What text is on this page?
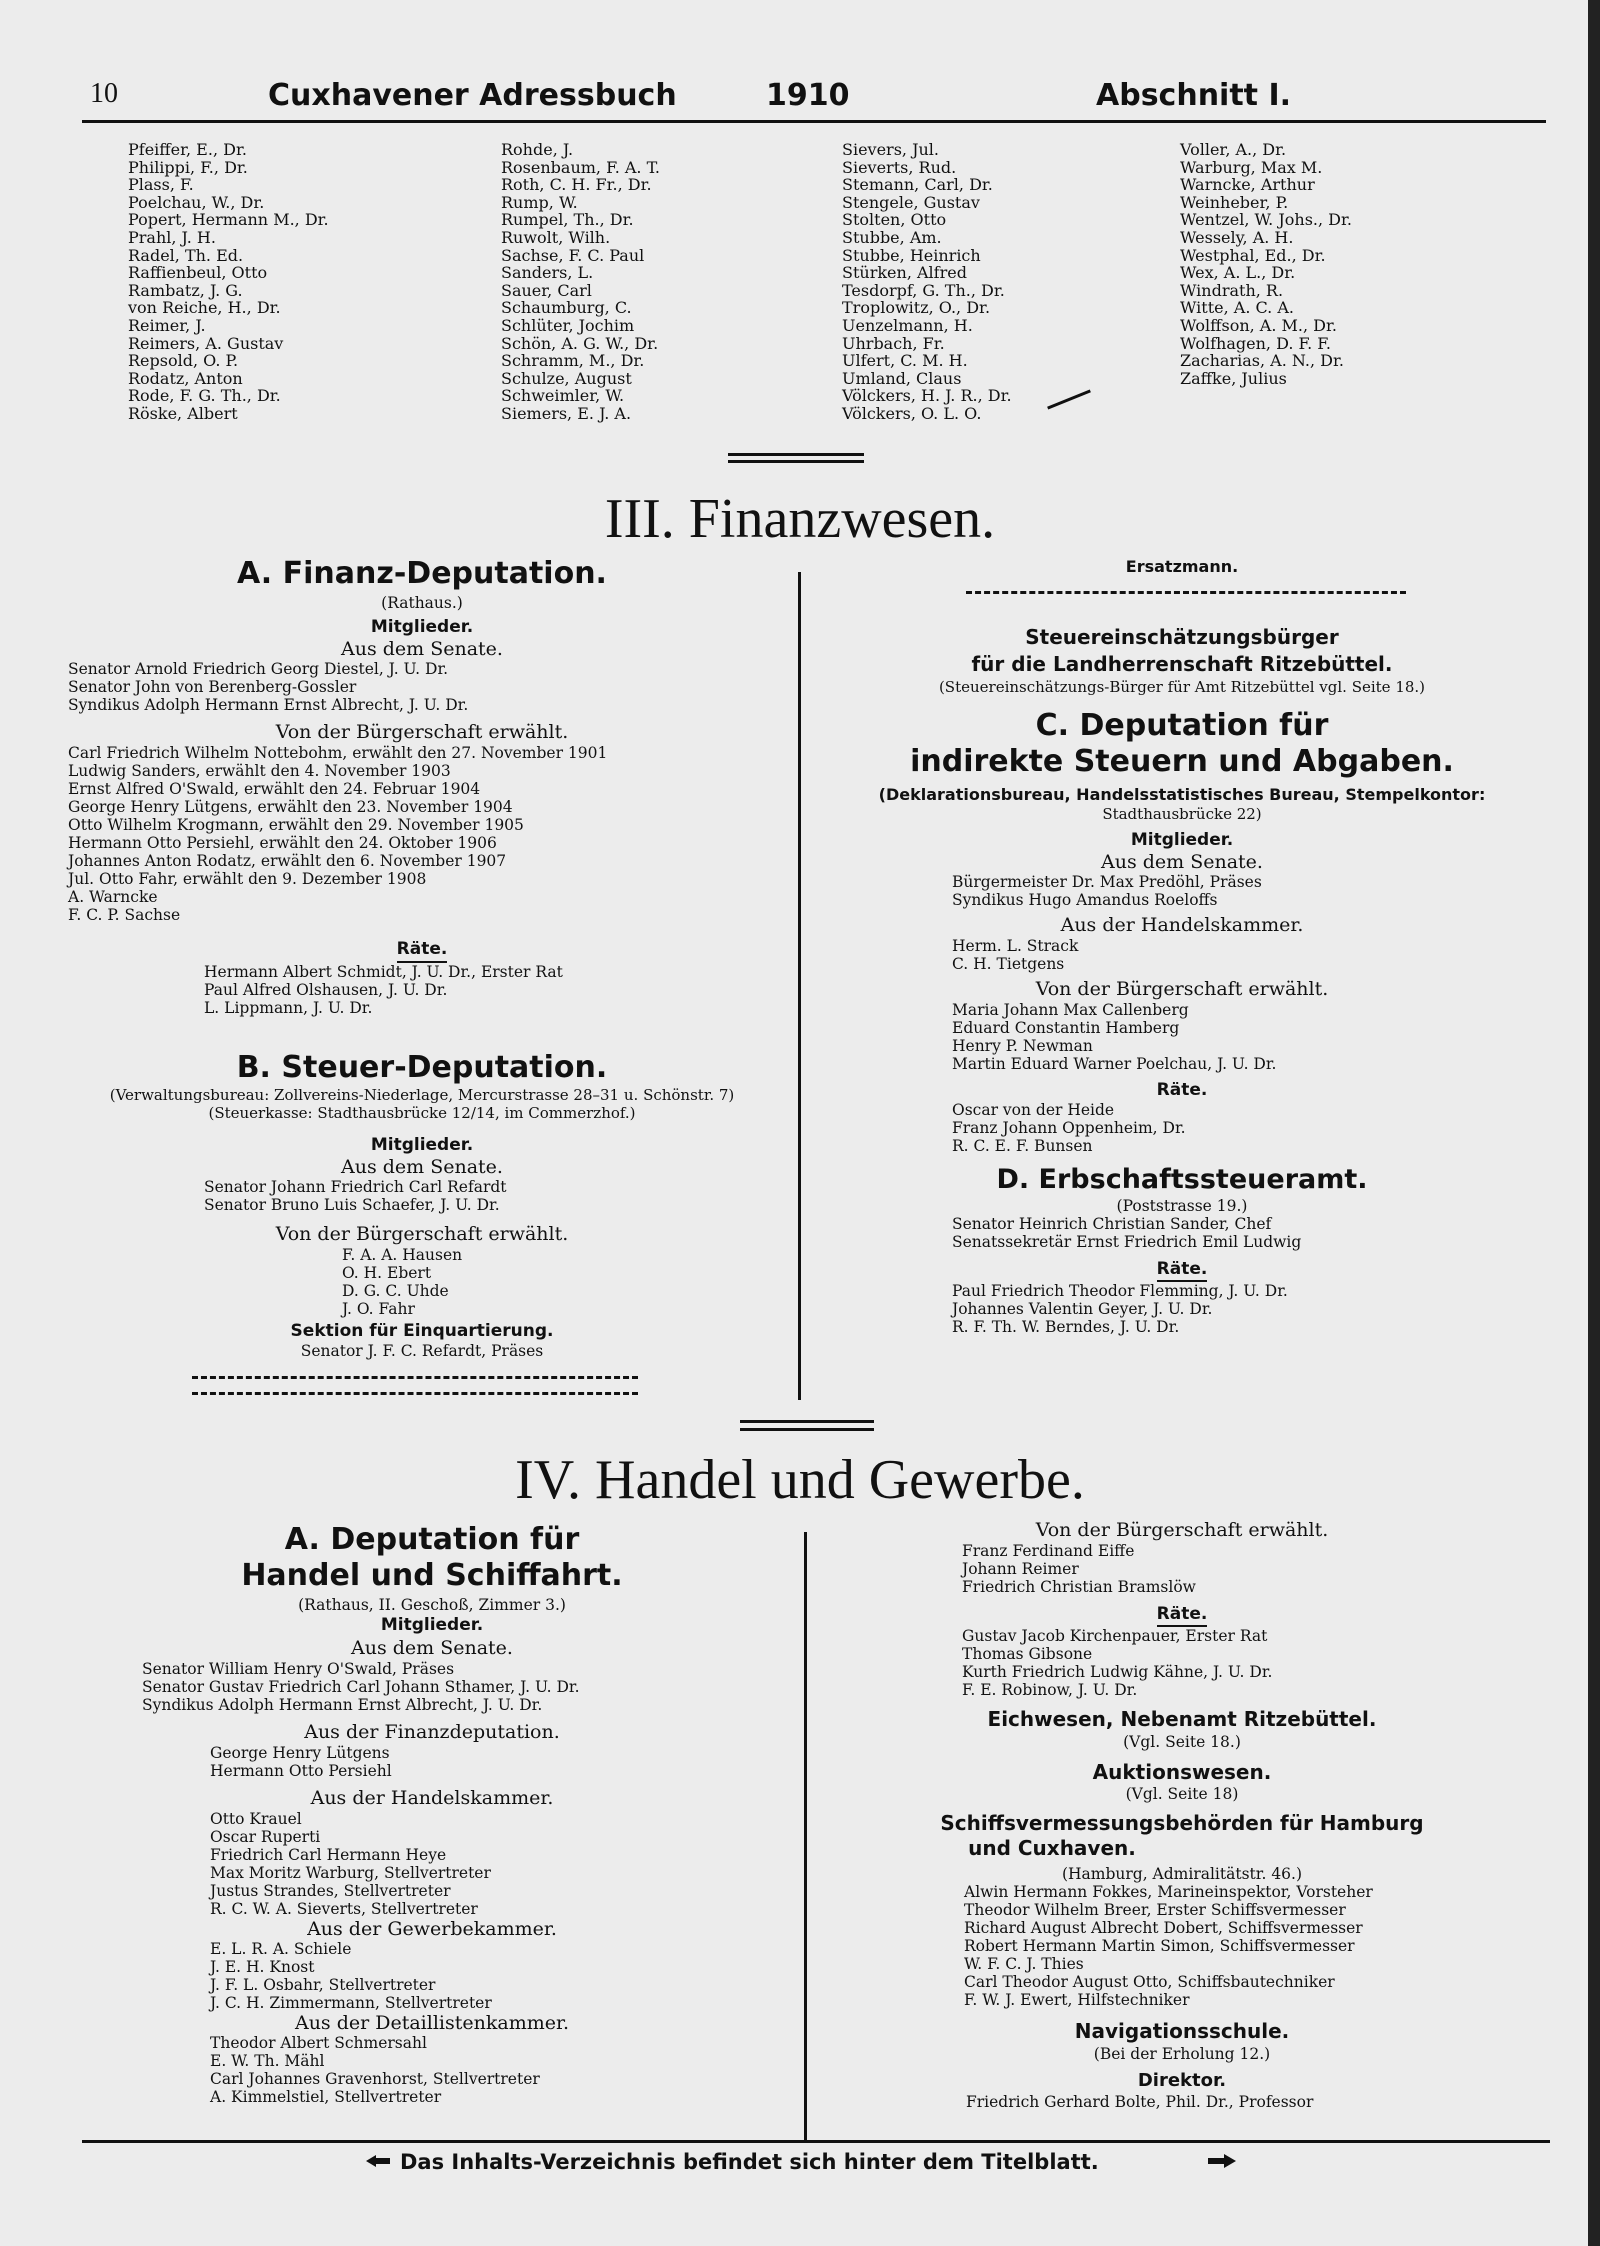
10	Cuxhavener Adressbuch	1910	Abschnitt I.
Pfeiffer, E., Dr.
Philippi, F., Dr.
Plass, F.
Poelchau, W., Dr.
Popert, Hermann M., Dr.
Prahl, J. H.
Radel, Th. Ed.
Raffienbeul, Otto
Rambatz, J. G.
von Reiche, H., Dr.
Reimer, J.
Reimers, A. Gustav
Repsold, O. P.
Rodatz, Anton
Rode, F. G. Th., Dr.
Röske, Albert
Rohde, J.
Rosenbaum, F. A. T.
Roth, C. H. Fr., Dr.
Rump, W.
Rumpel, Th., Dr.
Ruwolt, Wilh.
Sachse, F. C. Paul
Sanders, L.
Sauer, Carl
Schaumburg, C.
Schlüter, Jochim
Schön, A. G. W., Dr.
Schramm, M., Dr.
Schulze, August
Schweimler, W.
Siemers, E. J. A.
Sievers, Jul.
Sieverts, Rud.
Stemann, Carl, Dr.
Stengele, Gustav
Stolten, Otto
Stubbe, Am.
Stubbe, Heinrich
Stürken, Alfred
Tesdorpf, G. Th., Dr.
Troplowitz, O., Dr.
Uenzelmann, H.
Uhrbach, Fr.
Ulfert, C. M. H.
Umland, Claus
Völckers, H. J. R., Dr.
Völckers, O. L. O.
Voller, A., Dr.
Warburg, Max M.
Warncke, Arthur
Weinheber, P.
Wentzel, W. Johs., Dr.
Wessely, A. H.
Westphal, Ed., Dr.
Wex, A. L., Dr.
Windrath, R.
Witte, A. C. A.
Wolffson, A. M., Dr.
Wolfhagen, D. F. F.
Zacharias, A. N., Dr.
Zaffke, Julius
III. Finanzwesen.
A. Finanz-Deputation.
(Rathaus.)
Mitglieder.
Aus dem Senate.
Senator Arnold Friedrich Georg Diestel, J. U. Dr.
Senator John von Berenberg-Gossler
Syndikus Adolph Hermann Ernst Albrecht, J. U. Dr.
Von der Bürgerschaft erwählt.
Carl Friedrich Wilhelm Nottebohm, erwählt den 27. November 1901
Ludwig Sanders, erwählt den 4. November 1903
Ernst Alfred O'Swald, erwählt den 24. Februar 1904
George Henry Lütgens, erwählt den 23. November 1904
Otto Wilhelm Krogmann, erwählt den 29. November 1905
Hermann Otto Persiehl, erwählt den 24. Oktober 1906
Johannes Anton Rodatz, erwählt den 6. November 1907
Jul. Otto Fahr, erwählt den 9. Dezember 1908
A. Warncke
F. C. P. Sachse
Räte.
Hermann Albert Schmidt, J. U. Dr., Erster Rat
Paul Alfred Olshausen, J. U. Dr.
L. Lippmann, J. U. Dr.
B. Steuer-Deputation.
(Verwaltungsbureau: Zollvereins-Niederlage, Mercurstrasse 28–31 u. Schönstr. 7)
(Steuerkasse: Stadthausbrücke 12/14, im Commerzhof.)
Mitglieder.
Aus dem Senate.
Senator Johann Friedrich Carl Refardt
Senator Bruno Luis Schaefer, J. U. Dr.
Von der Bürgerschaft erwählt.
F. A. A. Hausen
O. H. Ebert
D. G. C. Uhde
J. O. Fahr
Sektion für Einquartierung.
Senator J. F. C. Refardt, Präses
Ersatzmann.
Steuereinschätzungsbürger
für die Landherrenschaft Ritzebüttel.
(Steuereinschätzungs-Bürger für Amt Ritzebüttel vgl. Seite 18.)
C. Deputation für
indirekte Steuern und Abgaben.
(Deklarationsbureau, Handelsstatistisches Bureau, Stempelkontor:
Stadthausbrücke 22)
Mitglieder.
Aus dem Senate.
Bürgermeister Dr. Max Predöhl, Präses
Syndikus Hugo Amandus Roeloffs
Aus der Handelskammer.
Herm. L. Strack
C. H. Tietgens
Von der Bürgerschaft erwählt.
Maria Johann Max Callenberg
Eduard Constantin Hamberg
Henry P. Newman
Martin Eduard Warner Poelchau, J. U. Dr.
Räte.
Oscar von der Heide
Franz Johann Oppenheim, Dr.
R. C. E. F. Bunsen
D. Erbschaftssteueramt.
(Poststrasse 19.)
Senator Heinrich Christian Sander, Chef
Senatssekretär Ernst Friedrich Emil Ludwig
Räte.
Paul Friedrich Theodor Flemming, J. U. Dr.
Johannes Valentin Geyer, J. U. Dr.
R. F. Th. W. Berndes, J. U. Dr.
IV. Handel und Gewerbe.
A. Deputation für
Handel und Schiffahrt.
(Rathaus, II. Geschoß, Zimmer 3.)
Mitglieder.
Aus dem Senate.
Senator William Henry O'Swald, Präses
Senator Gustav Friedrich Carl Johann Sthamer, J. U. Dr.
Syndikus Adolph Hermann Ernst Albrecht, J. U. Dr.
Aus der Finanzdeputation.
George Henry Lütgens
Hermann Otto Persiehl
Aus der Handelskammer.
Otto Krauel
Oscar Ruperti
Friedrich Carl Hermann Heye
Max Moritz Warburg, Stellvertreter
Justus Strandes, Stellvertreter
R. C. W. A. Sieverts, Stellvertreter
Aus der Gewerbekammer.
E. L. R. A. Schiele
J. E. H. Knost
J. F. L. Osbahr, Stellvertreter
J. C. H. Zimmermann, Stellvertreter
Aus der Detaillistenkammer.
Theodor Albert Schmersahl
E. W. Th. Mähl
Carl Johannes Gravenhorst, Stellvertreter
A. Kimmelstiel, Stellvertreter
Von der Bürgerschaft erwählt.
Franz Ferdinand Eiffe
Johann Reimer
Friedrich Christian Bramslöw
Räte.
Gustav Jacob Kirchenpauer, Erster Rat
Thomas Gibsone
Kurth Friedrich Ludwig Kähne, J. U. Dr.
F. E. Robinow, J. U. Dr.
Eichwesen, Nebenamt Ritzebüttel.
(Vgl. Seite 18.)
Auktionswesen.
(Vgl. Seite 18)
Schiffsvermessungsbehörden für Hamburg
und Cuxhaven.
(Hamburg, Admiralitätstr. 46.)
Alwin Hermann Fokkes, Marineinspektor, Vorsteher
Theodor Wilhelm Breer, Erster Schiffsvermesser
Richard August Albrecht Dobert, Schiffsvermesser
Robert Hermann Martin Simon, Schiffsvermesser
W. F. C. J. Thies
Carl Theodor August Otto, Schiffsbautechniker
F. W. J. Ewert, Hilfstechniker
Navigationsschule.
(Bei der Erholung 12.)
Direktor.
Friedrich Gerhard Bolte, Phil. Dr., Professor
Das Inhalts-Verzeichnis befindet sich hinter dem Titelblatt.
